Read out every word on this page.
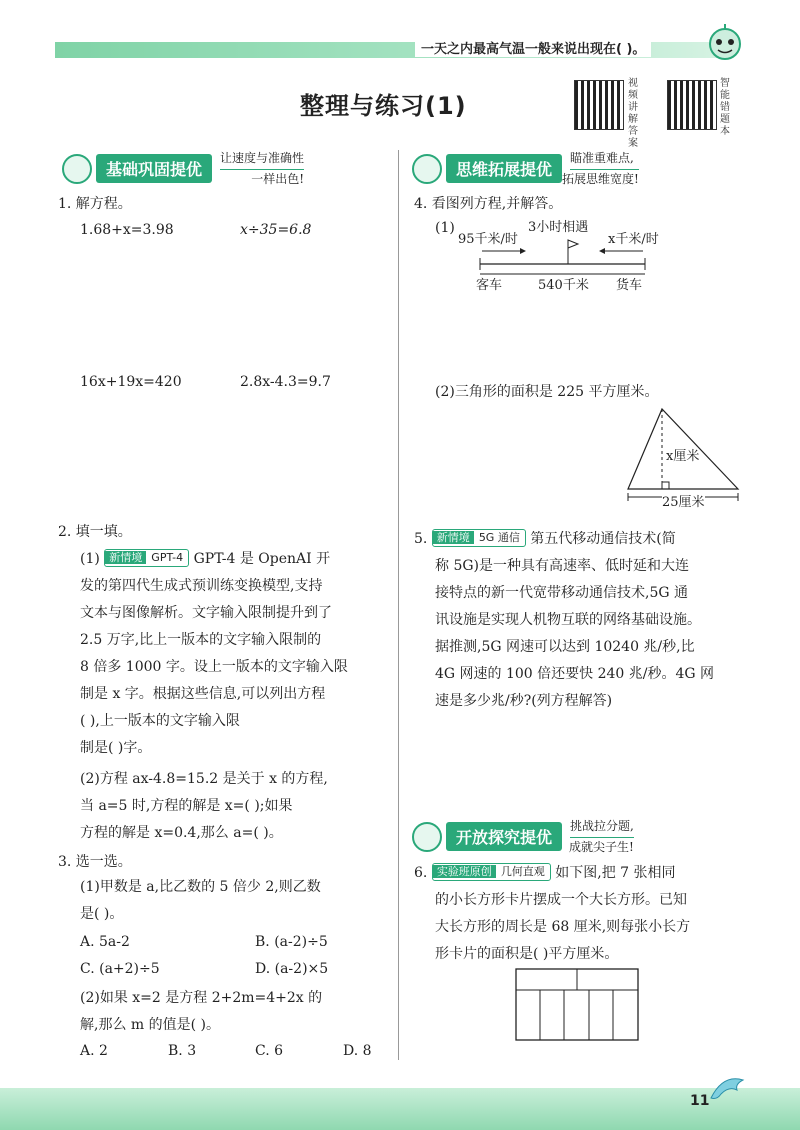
一天之内最高气温一般来说出现在( )。
整理与练习(1)
视频讲解答案
智能错题本
基础巩固提优
让速度与准确性
一样出色!
1. 解方程。
1.68+x=3.98	x÷35=6.8
16x+19x=420	2.8x-4.3=9.7
2. 填一填。
(1) 新情境 GPT-4 GPT-4 是 OpenAI 开
发的第四代生成式预训练变换模型,支持
文本与图像解析。文字输入限制提升到了
2.5 万字,比上一版本的文字输入限制的
8 倍多 1000 字。设上一版本的文字输入限
制是 x 字。根据这些信息,可以列出方程
( ),上一版本的文字输入限
制是( )字。
(2)方程 ax-4.8=15.2 是关于 x 的方程,
当 a=5 时,方程的解是 x=( );如果
方程的解是 x=0.4,那么 a=( )。
3. 选一选。
(1)甲数是 a,比乙数的 5 倍少 2,则乙数
是( )。
A. 5a-2	B. (a-2)÷5
C. (a+2)÷5	D. (a-2)×5
(2)如果 x=2 是方程 2+2m=4+2x 的
解,那么 m 的值是( )。
A. 2	B. 3	C. 6	D. 8
思维拓展提优
瞄准重难点,
拓展思维宽度!
4. 看图列方程,并解答。
(1)	3小时相遇
95千米/时	x千米/时
客车	540千米 货车
(2)三角形的面积是 225 平方厘米。
x厘米
25厘米
5. 新情境 5G 通信 第五代移动通信技术(简
称 5G)是一种具有高速率、低时延和大连
接特点的新一代宽带移动通信技术,5G 通
讯设施是实现人机物互联的网络基础设施。
据推测,5G 网速可以达到 10240 兆/秒,比
4G 网速的 100 倍还要快 240 兆/秒。4G 网
速是多少兆/秒?(列方程解答)
开放探究提优
挑战拉分题,
成就尖子生!
6. 实验班原创 几何直观 如下图,把 7 张相同
的小长方形卡片摆成一个大长方形。已知
大长方形的周长是 68 厘米,则每张小长方
形卡片的面积是( )平方厘米。
11
